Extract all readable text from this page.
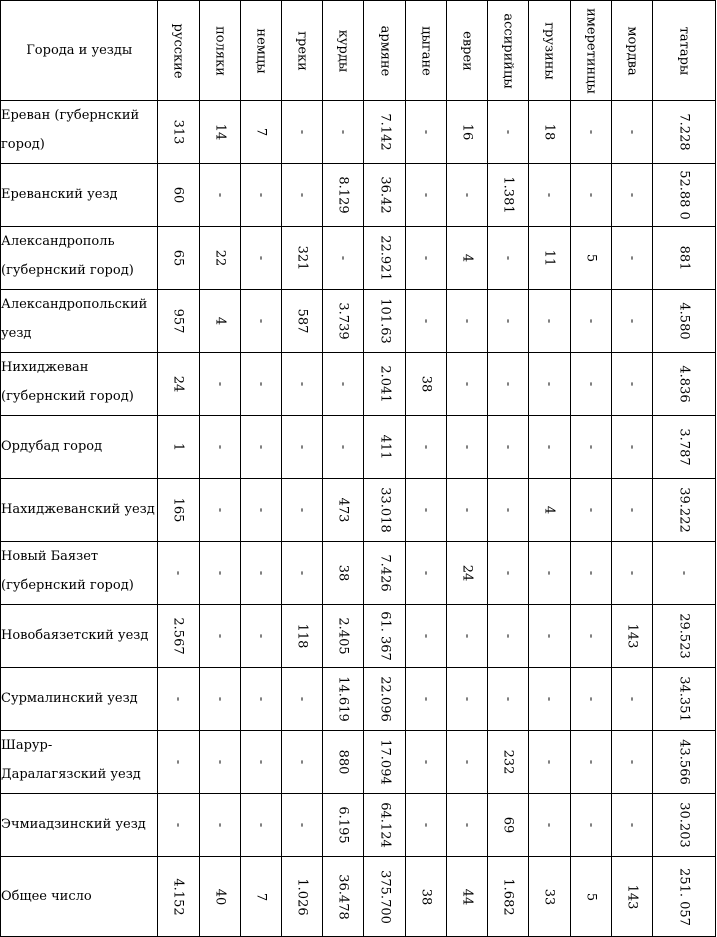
Города и уезды	русские	поляки	немцы	греки	курды	армяне	цыгане	евреи	ассирийцы	грузины	имеретинцы	мордва	татары

Ереван (губернский город)	313	14	7	-	-	7.142	-	16	-	18	-	-	7.228

Ереванский уезд	60	-	-	-	8.129	36.42	-	-	1.381	-	-	-	52.88 0

Александрополь (губернский город)	65	22	-	321	-	22.921	-	4	-	11	5	-	881

Александропольский уезд	957	4	-	587	3.739	101.63	-	-	-	-	-	-	4.580

Нихиджеван (губернский город)	24	-	-	-	-	2.041	38	-	-	-	-	-	4.836

Ордубад город	1	-	-	-	-	411	-	-	-	-	-	-	3.787

Нахиджеванский уезд	165	-	-	-	473	33.018	-	-	-	4	-	-	39.222

Новый Баязет (губернский город)	-	-	-	-	38	7.426	-	24	-	-	-	-	-

Новобаязетский уезд	2.567	-	-	118	2.405	61. 367	-	-	-	-	-	143	29.523

Сурмалинский уезд	-	-	-	-	14.619	22.096	-	-	-	-	-	-	34.351

Шарур-Даралагязский уезд	-	-	-	-	880	17.094	-	-	232	-	-	-	43.566

Эчмиадзинский уезд	-	-	-	-	6.195	64.124	-	-	69	-	-	-	30.203

Общее число	4.152	40	7	1.026	36.478	375.700	38	44	1.682	33	5	143	251. 057
